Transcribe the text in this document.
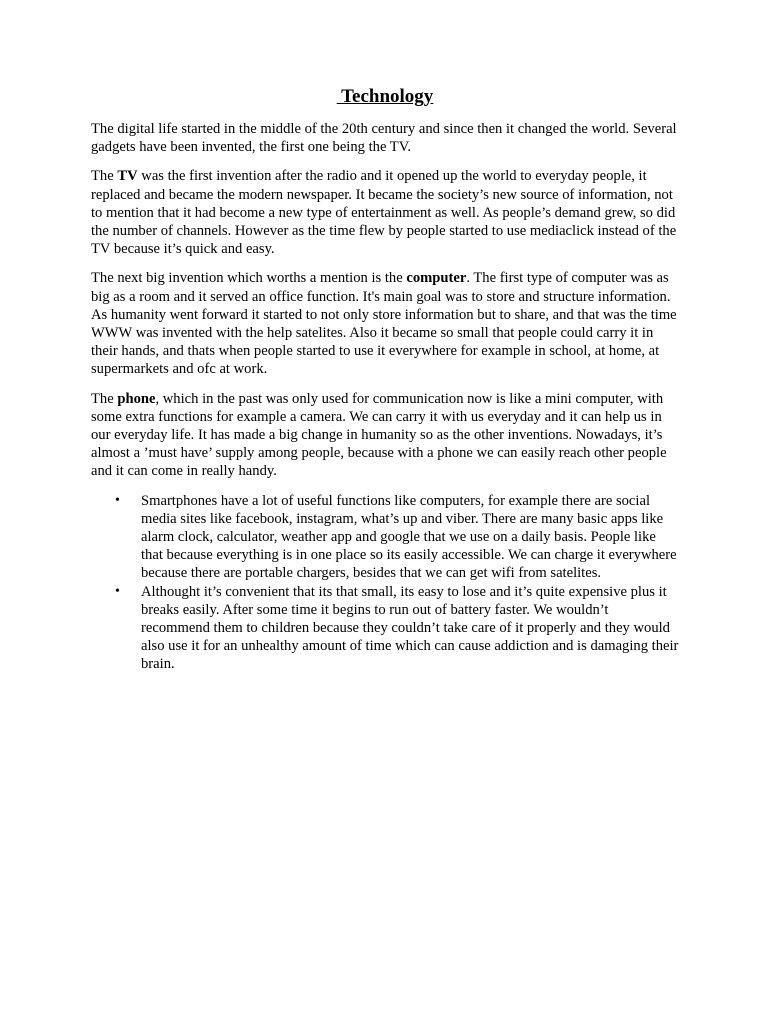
Technology

The digital life started in the middle of the 20th century and since then it changed the world. Several gadgets have been invented, the first one being the TV.

The TV was the first invention after the radio and it opened up the world to everyday people, it replaced and became the modern newspaper. It became the society’s new source of information, not to mention that it had become a new type of entertainment as well. As people’s demand grew, so did the number of channels. However as the time flew by people started to use mediaclick instead of the TV because it’s quick and easy.

The next big invention which worths a mention is the computer. The first type of computer was as big as a room and it served an office function. It's main goal was to store and structure information. As humanity went forward it started to not only store information but to share, and that was the time WWW was invented with the help satelites. Also it became so small that people could carry it in their hands, and thats when people started to use it everywhere for example in school, at home, at supermarkets and ofc at work.

The phone, which in the past was only used for communication now is like a mini computer, with some extra functions for example a camera. We can carry it with us everyday and it can help us in our everyday life. It has made a big change in humanity so as the other inventions. Nowadays, it’s almost a ’must have’ supply among people, because with a phone we can easily reach other people and it can come in really handy.

• Smartphones have a lot of useful functions like computers, for example there are social media sites like facebook, instagram, what’s up and viber. There are many basic apps like alarm clock, calculator, weather app and google that we use on a daily basis. People like that because everything is in one place so its easily accessible. We can charge it everywhere because there are portable chargers, besides that we can get wifi from satelites.
• Althought it’s convenient that its that small, its easy to lose and it’s quite expensive plus it breaks easily. After some time it begins to run out of battery faster. We wouldn’t recommend them to children because they couldn’t take care of it properly and they would also use it for an unhealthy amount of time which can cause addiction and is damaging their brain.
